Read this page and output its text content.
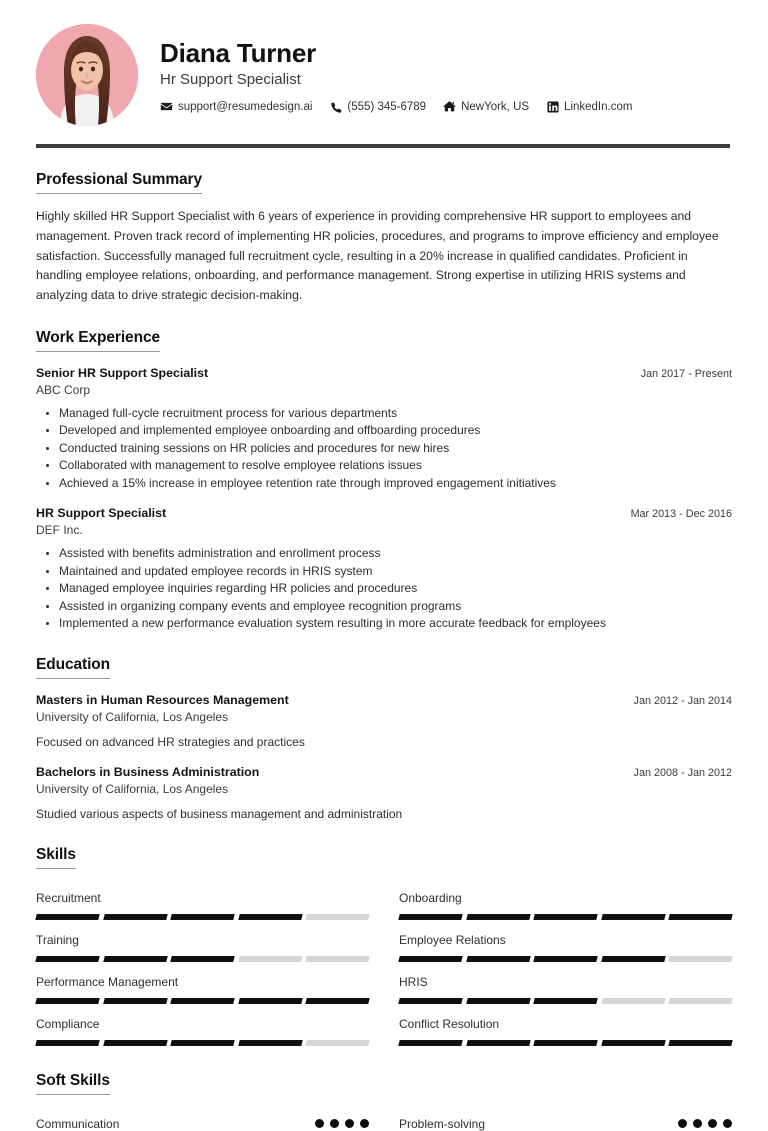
Diana Turner
Hr Support Specialist
support@resumedesign.ai	(555) 345-6789	NewYork, US	LinkedIn.com
Professional Summary
Highly skilled HR Support Specialist with 6 years of experience in providing comprehensive HR support to employees and management. Proven track record of implementing HR policies, procedures, and programs to improve efficiency and employee satisfaction. Successfully managed full recruitment cycle, resulting in a 20% increase in qualified candidates. Proficient in handling employee relations, onboarding, and performance management. Strong expertise in utilizing HRIS systems and analyzing data to drive strategic decision-making.
Work Experience
Senior HR Support Specialist	Jan 2017 - Present
ABC Corp
Managed full-cycle recruitment process for various departments
Developed and implemented employee onboarding and offboarding procedures
Conducted training sessions on HR policies and procedures for new hires
Collaborated with management to resolve employee relations issues
Achieved a 15% increase in employee retention rate through improved engagement initiatives
HR Support Specialist	Mar 2013 - Dec 2016
DEF Inc.
Assisted with benefits administration and enrollment process
Maintained and updated employee records in HRIS system
Managed employee inquiries regarding HR policies and procedures
Assisted in organizing company events and employee recognition programs
Implemented a new performance evaluation system resulting in more accurate feedback for employees
Education
Masters in Human Resources Management	Jan 2012 - Jan 2014
University of California, Los Angeles
Focused on advanced HR strategies and practices
Bachelors in Business Administration	Jan 2008 - Jan 2012
University of California, Los Angeles
Studied various aspects of business management and administration
Skills
Recruitment	Onboarding
Training	Employee Relations
Performance Management	HRIS
Compliance	Conflict Resolution
Soft Skills
Communication	Problem-solving
